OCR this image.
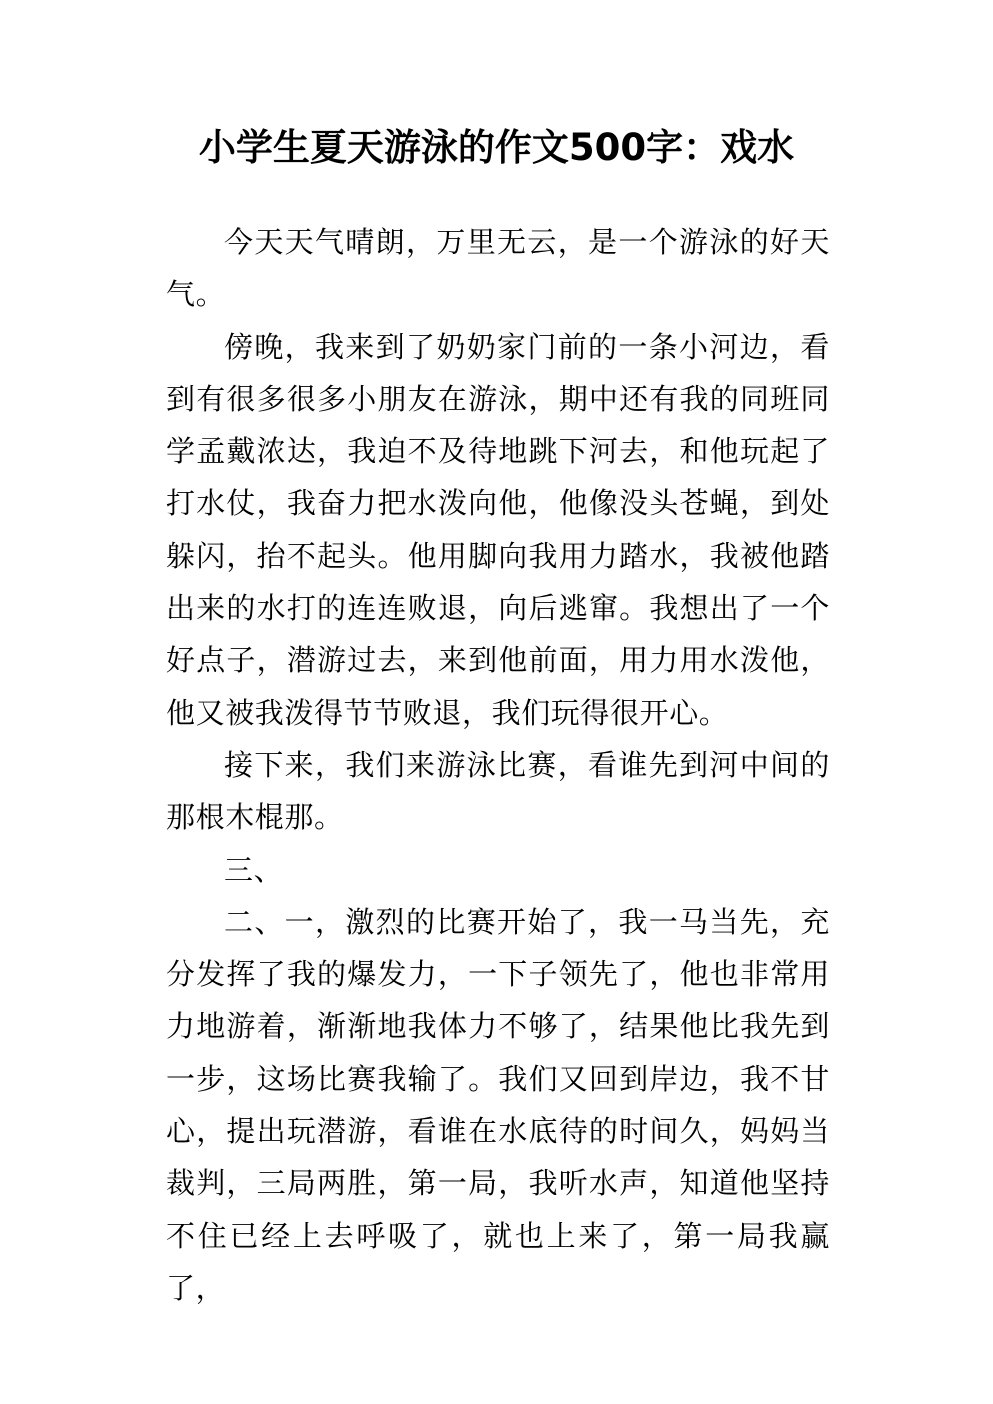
小学生夏天游泳的作文500字：戏水

今天天气晴朗，万里无云，是一个游泳的好天气。

傍晚，我来到了奶奶家门前的一条小河边，看到有很多很多小朋友在游泳，期中还有我的同班同学孟戴浓达，我迫不及待地跳下河去，和他玩起了打水仗，我奋力把水泼向他，他像没头苍蝇，到处躲闪，抬不起头。他用脚向我用力踏水，我被他踏出来的水打的连连败退，向后逃窜。我想出了一个好点子，潜游过去，来到他前面，用力用水泼他，他又被我泼得节节败退，我们玩得很开心。

接下来，我们来游泳比赛，看谁先到河中间的那根木棍那。

三、

二、一，激烈的比赛开始了，我一马当先，充分发挥了我的爆发力，一下子领先了，他也非常用力地游着，渐渐地我体力不够了，结果他比我先到一步，这场比赛我输了。我们又回到岸边，我不甘心，提出玩潜游，看谁在水底待的时间久，妈妈当裁判，三局两胜，第一局，我听水声，知道他坚持不住已经上去呼吸了，就也上来了，第一局我赢了，
